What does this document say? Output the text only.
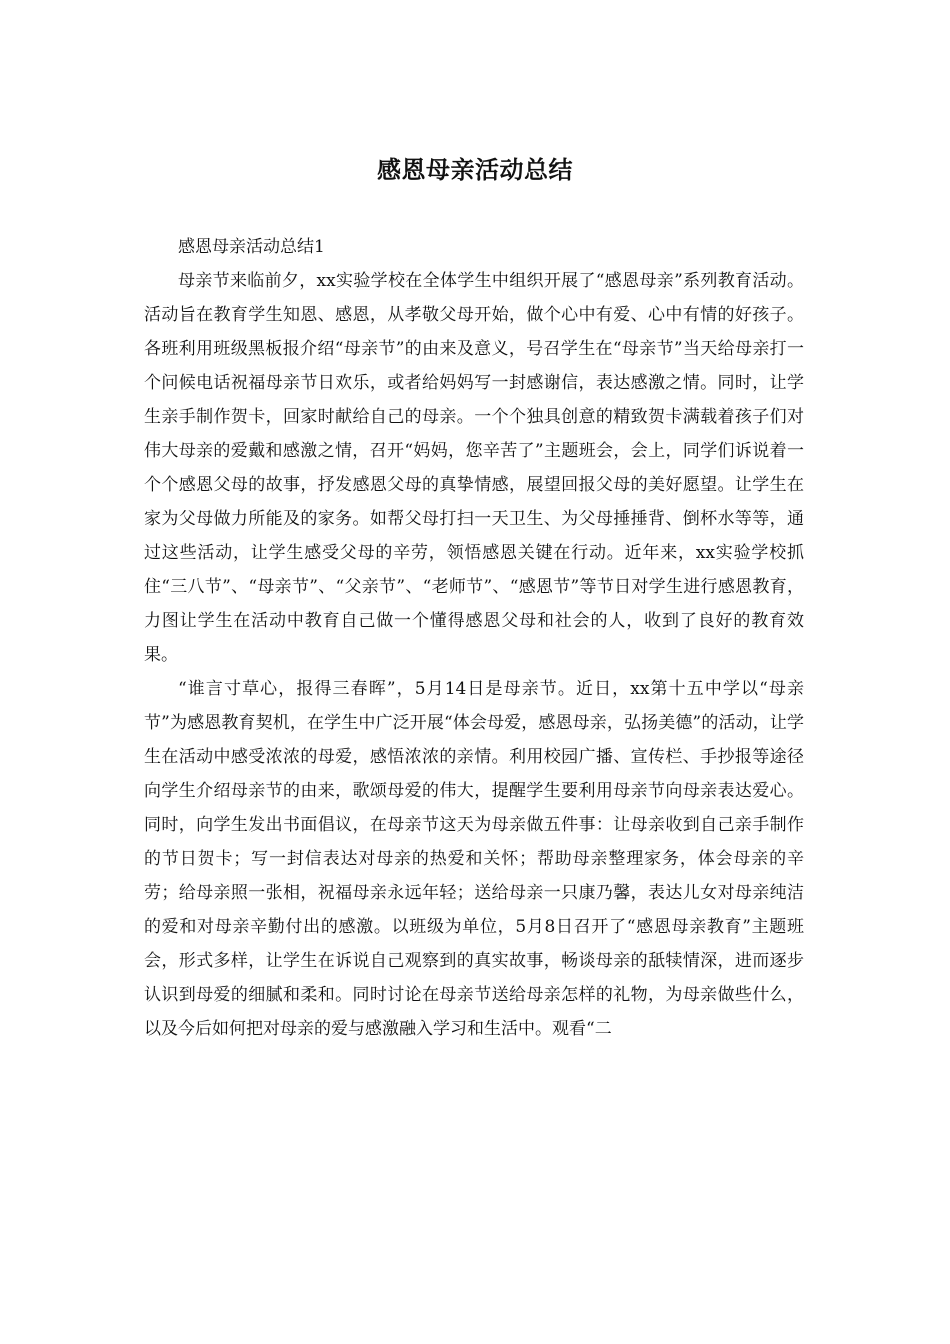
感恩母亲活动总结

感恩母亲活动总结1

母亲节来临前夕，xx实验学校在全体学生中组织开展了“感恩母亲”系列教育活动。活动旨在教育学生知恩、感恩，从孝敬父母开始，做个心中有爱、心中有情的好孩子。各班利用班级黑板报介绍“母亲节”的由来及意义，号召学生在“母亲节”当天给母亲打一个问候电话祝福母亲节日欢乐，或者给妈妈写一封感谢信，表达感激之情。同时，让学生亲手制作贺卡，回家时献给自己的母亲。一个个独具创意的精致贺卡满载着孩子们对伟大母亲的爱戴和感激之情，召开“妈妈，您辛苦了”主题班会，会上，同学们诉说着一个个感恩父母的故事，抒发感恩父母的真挚情感，展望回报父母的美好愿望。让学生在家为父母做力所能及的家务。如帮父母打扫一天卫生、为父母捶捶背、倒杯水等等，通过这些活动，让学生感受父母的辛劳，领悟感恩关键在行动。近年来，xx实验学校抓住“三八节”、“母亲节”、“父亲节”、“老师节”、“感恩节”等节日对学生进行感恩教育，力图让学生在活动中教育自己做一个懂得感恩父母和社会的人，收到了良好的教育效果。

“谁言寸草心，报得三春晖”，5月14日是母亲节。近日，xx第十五中学以“母亲节”为感恩教育契机，在学生中广泛开展“体会母爱，感恩母亲，弘扬美德”的活动，让学生在活动中感受浓浓的母爱，感悟浓浓的亲情。利用校园广播、宣传栏、手抄报等途径向学生介绍母亲节的由来，歌颂母爱的伟大，提醒学生要利用母亲节向母亲表达爱心。同时，向学生发出书面倡议，在母亲节这天为母亲做五件事：让母亲收到自己亲手制作的节日贺卡；写一封信表达对母亲的热爱和关怀；帮助母亲整理家务，体会母亲的辛劳；给母亲照一张相，祝福母亲永远年轻；送给母亲一只康乃馨，表达儿女对母亲纯洁的爱和对母亲辛勤付出的感激。以班级为单位，5月8日召开了“感恩母亲教育”主题班会，形式多样，让学生在诉说自己观察到的真实故事，畅谈母亲的舐犊情深，进而逐步认识到母爱的细腻和柔和。同时讨论在母亲节送给母亲怎样的礼物，为母亲做些什么，以及今后如何把对母亲的爱与感激融入学习和生活中。观看“二
